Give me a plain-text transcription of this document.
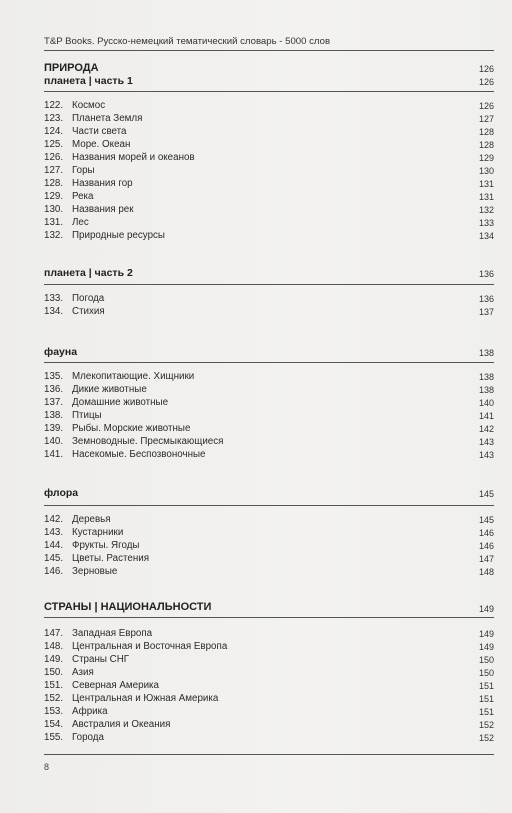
T&P Books. Русско-немецкий тематический словарь - 5000 слов
ПРИРОДА	126
планета | часть 1	126
122. Космос	126
123. Планета Земля	127
124. Части света	128
125. Море. Океан	128
126. Названия морей и океанов	129
127. Горы	130
128. Названия гор	131
129. Река	131
130. Названия рек	132
131. Лес	133
132. Природные ресурсы	134
планета | часть 2	136
133. Погода	136
134. Стихия	137
фауна	138
135. Млекопитающие. Хищники	138
136. Дикие животные	138
137. Домашние животные	140
138. Птицы	141
139. Рыбы. Морские животные	142
140. Земноводные. Пресмыкающиеся	143
141. Насекомые. Беспозвоночные	143
флора	145
142. Деревья	145
143. Кустарники	146
144. Фрукты. Ягоды	146
145. Цветы. Растения	147
146. Зерновые	148
СТРАНЫ | НАЦИОНАЛЬНОСТИ	149
147. Западная Европа	149
148. Центральная и Восточная Европа	149
149. Страны СНГ	150
150. Азия	150
151. Северная Америка	151
152. Центральная и Южная Америка	151
153. Африка	151
154. Австралия и Океания	152
155. Города	152
8
